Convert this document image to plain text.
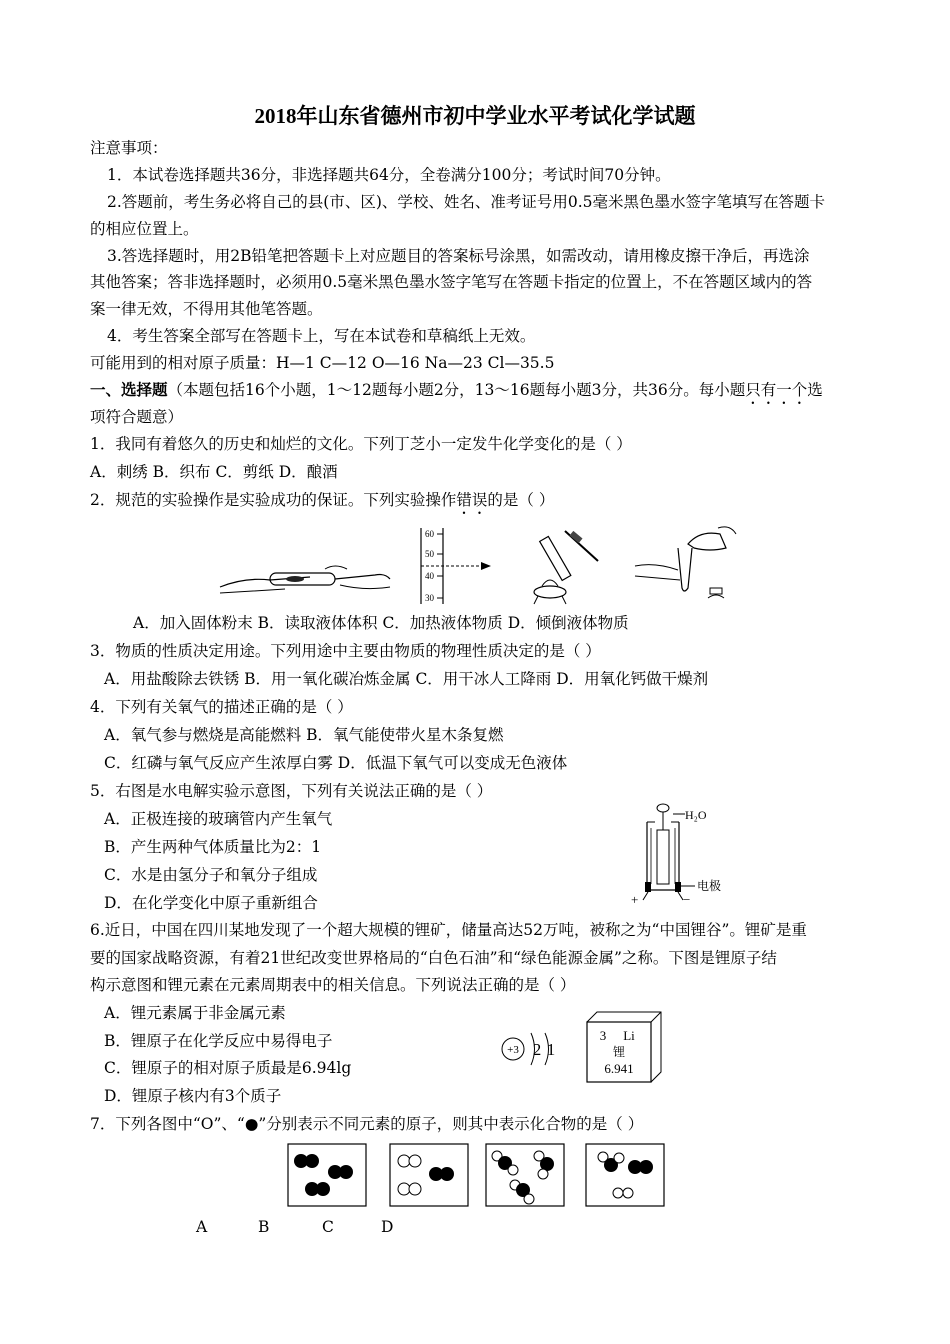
2018年山东省德州市初中学业水平考试化学试题
注意事项：
1．本试卷选择题共36分，非选择题共64分，全卷满分100分；考试时间70分钟。
2.答题前，考生务必将自己的县(市、区)、学校、姓名、准考证号用0.5毫米黑色墨水签字笔填写在答题卡
的相应位置上。
3.答选择题时，用2B铅笔把答题卡上对应题目的答案标号涂黑，如需改动，请用橡皮擦干净后，再选涂
其他答案；答非选择题时，必须用0.5毫米黑色墨水签字笔写在答题卡指定的位置上，不在答题区域内的答
案一律无效，不得用其他笔答题。
4．考生答案全部写在答题卡上，写在本试卷和草稿纸上无效。
可能用到的相对原子质量：H—1 C—12 O—16 Na—23 Cl—35.5
一、选择题（本题包括16个小题，1～12题每小题2分，13～16题每小题3分，共36分。每小题只有一个选
项符合题意）
1．我同有着悠久的历史和灿烂的文化。下列丁芝小一定发牛化学变化的是（ ）
A．刺绣 B．织布 C．剪纸 D．酿酒
2．规范的实验操作是实验成功的保证。下列实验操作错误的是（ ）
60
50
40
30
A．加入固体粉末 B．读取液体体积 C．加热液体物质 D．倾倒液体物质
3．物质的性质决定用途。下列用途中主要由物质的物理性质决定的是（ ）
A．用盐酸除去铁锈 B．用一氧化碳冶炼金属 C．用干冰人工降雨 D．用氧化钙做干燥剂
4．下列有关氧气的描述正确的是（ ）
A．氧气参与燃烧是高能燃料 B．氧气能使带火星木条复燃
C．红磷与氧气反应产生浓厚白雾 D．低温下氧气可以变成无色液体
5．右图是水电解实验示意图，下列有关说法正确的是（ ）
A．正极连接的玻璃管内产生氧气
B．产生两种气体质量比为2：1
C．水是由氢分子和氧分子组成
D．在化学变化中原子重新组合
H₂O
+	−
电极
6.近日，中国在四川某地发现了一个超大规模的锂矿，储量高达52万吨，被称之为“中国锂谷”。锂矿是重
要的国家战略资源，有着21世纪改变世界格局的“白色石油”和“绿色能源金属”之称。下图是锂原子结
构示意图和锂元素在元素周期表中的相关信息。下列说法正确的是（ ）
A．锂元素属于非金属元素
B．锂原子在化学反应中易得电子
C．锂原子的相对原子质最是6.94lg
D．锂原子核内有3个质子
+3 2 1
3 Li
锂
6.941
7．下列各图中“O”、“●”分别表示不同元素的原子，则其中表示化合物的是（ ）
A	B	C	D
